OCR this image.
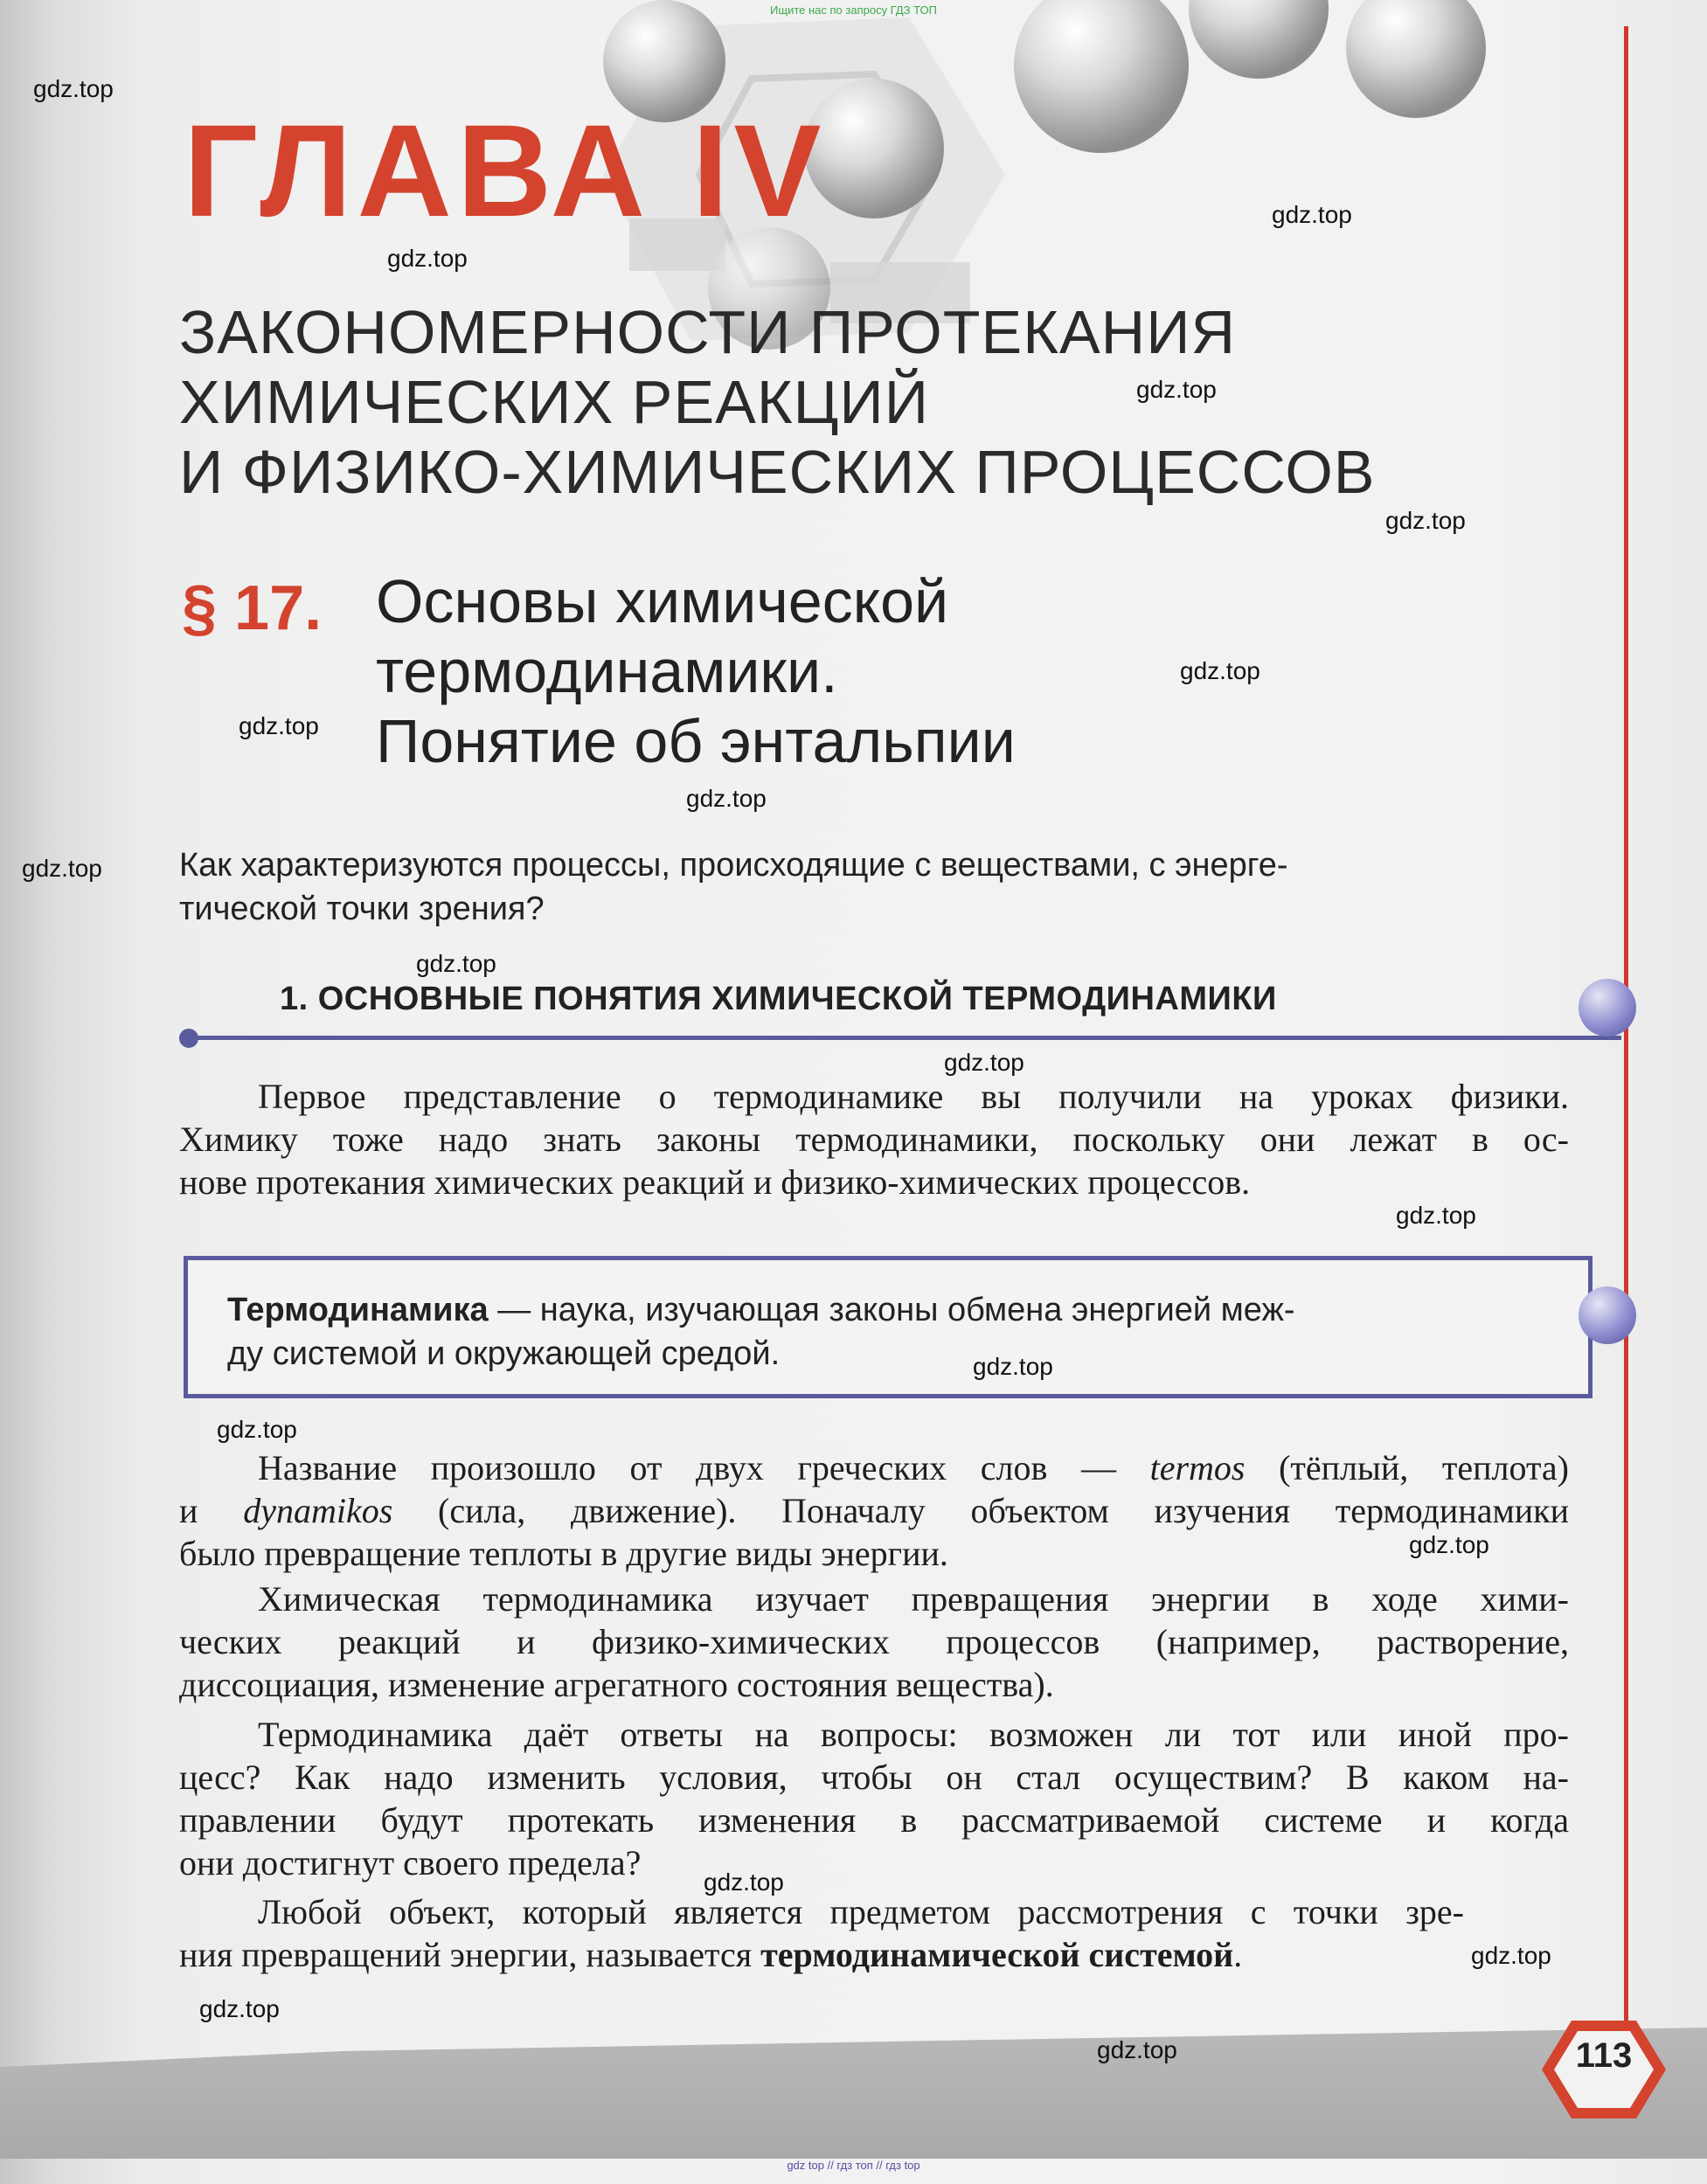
Ищите нас по запросу ГДЗ ТОП
ГЛАВА IV
ЗАКОНОМЕРНОСТИ ПРОТЕКАНИЯ
ХИМИЧЕСКИХ РЕАКЦИЙ
И ФИЗИКО-ХИМИЧЕСКИХ ПРОЦЕССОВ
§ 17. Основы химической
термодинамики.
Понятие об энтальпии
Как характеризуются процессы, происходящие с веществами, с энерге-
тической точки зрения?
1. ОСНОВНЫЕ ПОНЯТИЯ ХИМИЧЕСКОЙ ТЕРМОДИНАМИКИ
Первое представление о термодинамике вы получили на уроках физики.
Химику тоже надо знать законы термодинамики, поскольку они лежат в ос-
нове протекания химических реакций и физико-химических процессов.
Термодинамика — наука, изучающая законы обмена энергией меж-
ду системой и окружающей средой.
Название произошло от двух греческих слов — termos (тёплый, теплота)
и dynamikos (сила, движение). Поначалу объектом изучения термодинамики
было превращение теплоты в другие виды энергии.
Химическая термодинамика изучает превращения энергии в ходе хими-
ческих реакций и физико-химических процессов (например, растворение,
диссоциация, изменение агрегатного состояния вещества).
Термодинамика даёт ответы на вопросы: возможен ли тот или иной про-
цесс? Как надо изменить условия, чтобы он стал осуществим? В каком на-
правлении будут протекать изменения в рассматриваемой системе и когда
они достигнут своего предела?
Любой объект, который является предметом рассмотрения с точки зре-
ния превращений энергии, называется термодинамической системой.
113
gdz.top
gdz.top
gdz.top
gdz.top
gdz.top
gdz.top
gdz.top
gdz.top
gdz.top
gdz.top
gdz.top
gdz.top
gdz.top
gdz.top
gdz.top
gdz.top
gdz.top
gdz.top
gdz.top
gdz top // гдз топ // гдз top
